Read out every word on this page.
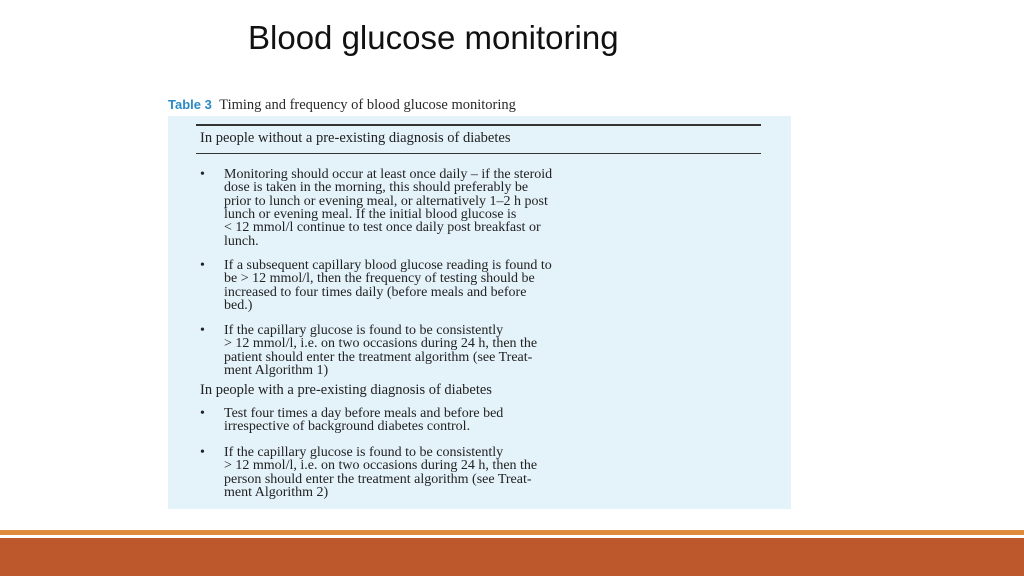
Blood glucose monitoring
Table 3 Timing and frequency of blood glucose monitoring
In people without a pre-existing diagnosis of diabetes
• Monitoring should occur at least once daily – if the steroid
dose is taken in the morning, this should preferably be
prior to lunch or evening meal, or alternatively 1–2 h post
lunch or evening meal. If the initial blood glucose is
< 12 mmol/l continue to test once daily post breakfast or
lunch.
• If a subsequent capillary blood glucose reading is found to
be > 12 mmol/l, then the frequency of testing should be
increased to four times daily (before meals and before
bed.)
• If the capillary glucose is found to be consistently
> 12 mmol/l, i.e. on two occasions during 24 h, then the
patient should enter the treatment algorithm (see Treat-
ment Algorithm 1)
In people with a pre-existing diagnosis of diabetes
• Test four times a day before meals and before bed
irrespective of background diabetes control.
• If the capillary glucose is found to be consistently
> 12 mmol/l, i.e. on two occasions during 24 h, then the
person should enter the treatment algorithm (see Treat-
ment Algorithm 2)
